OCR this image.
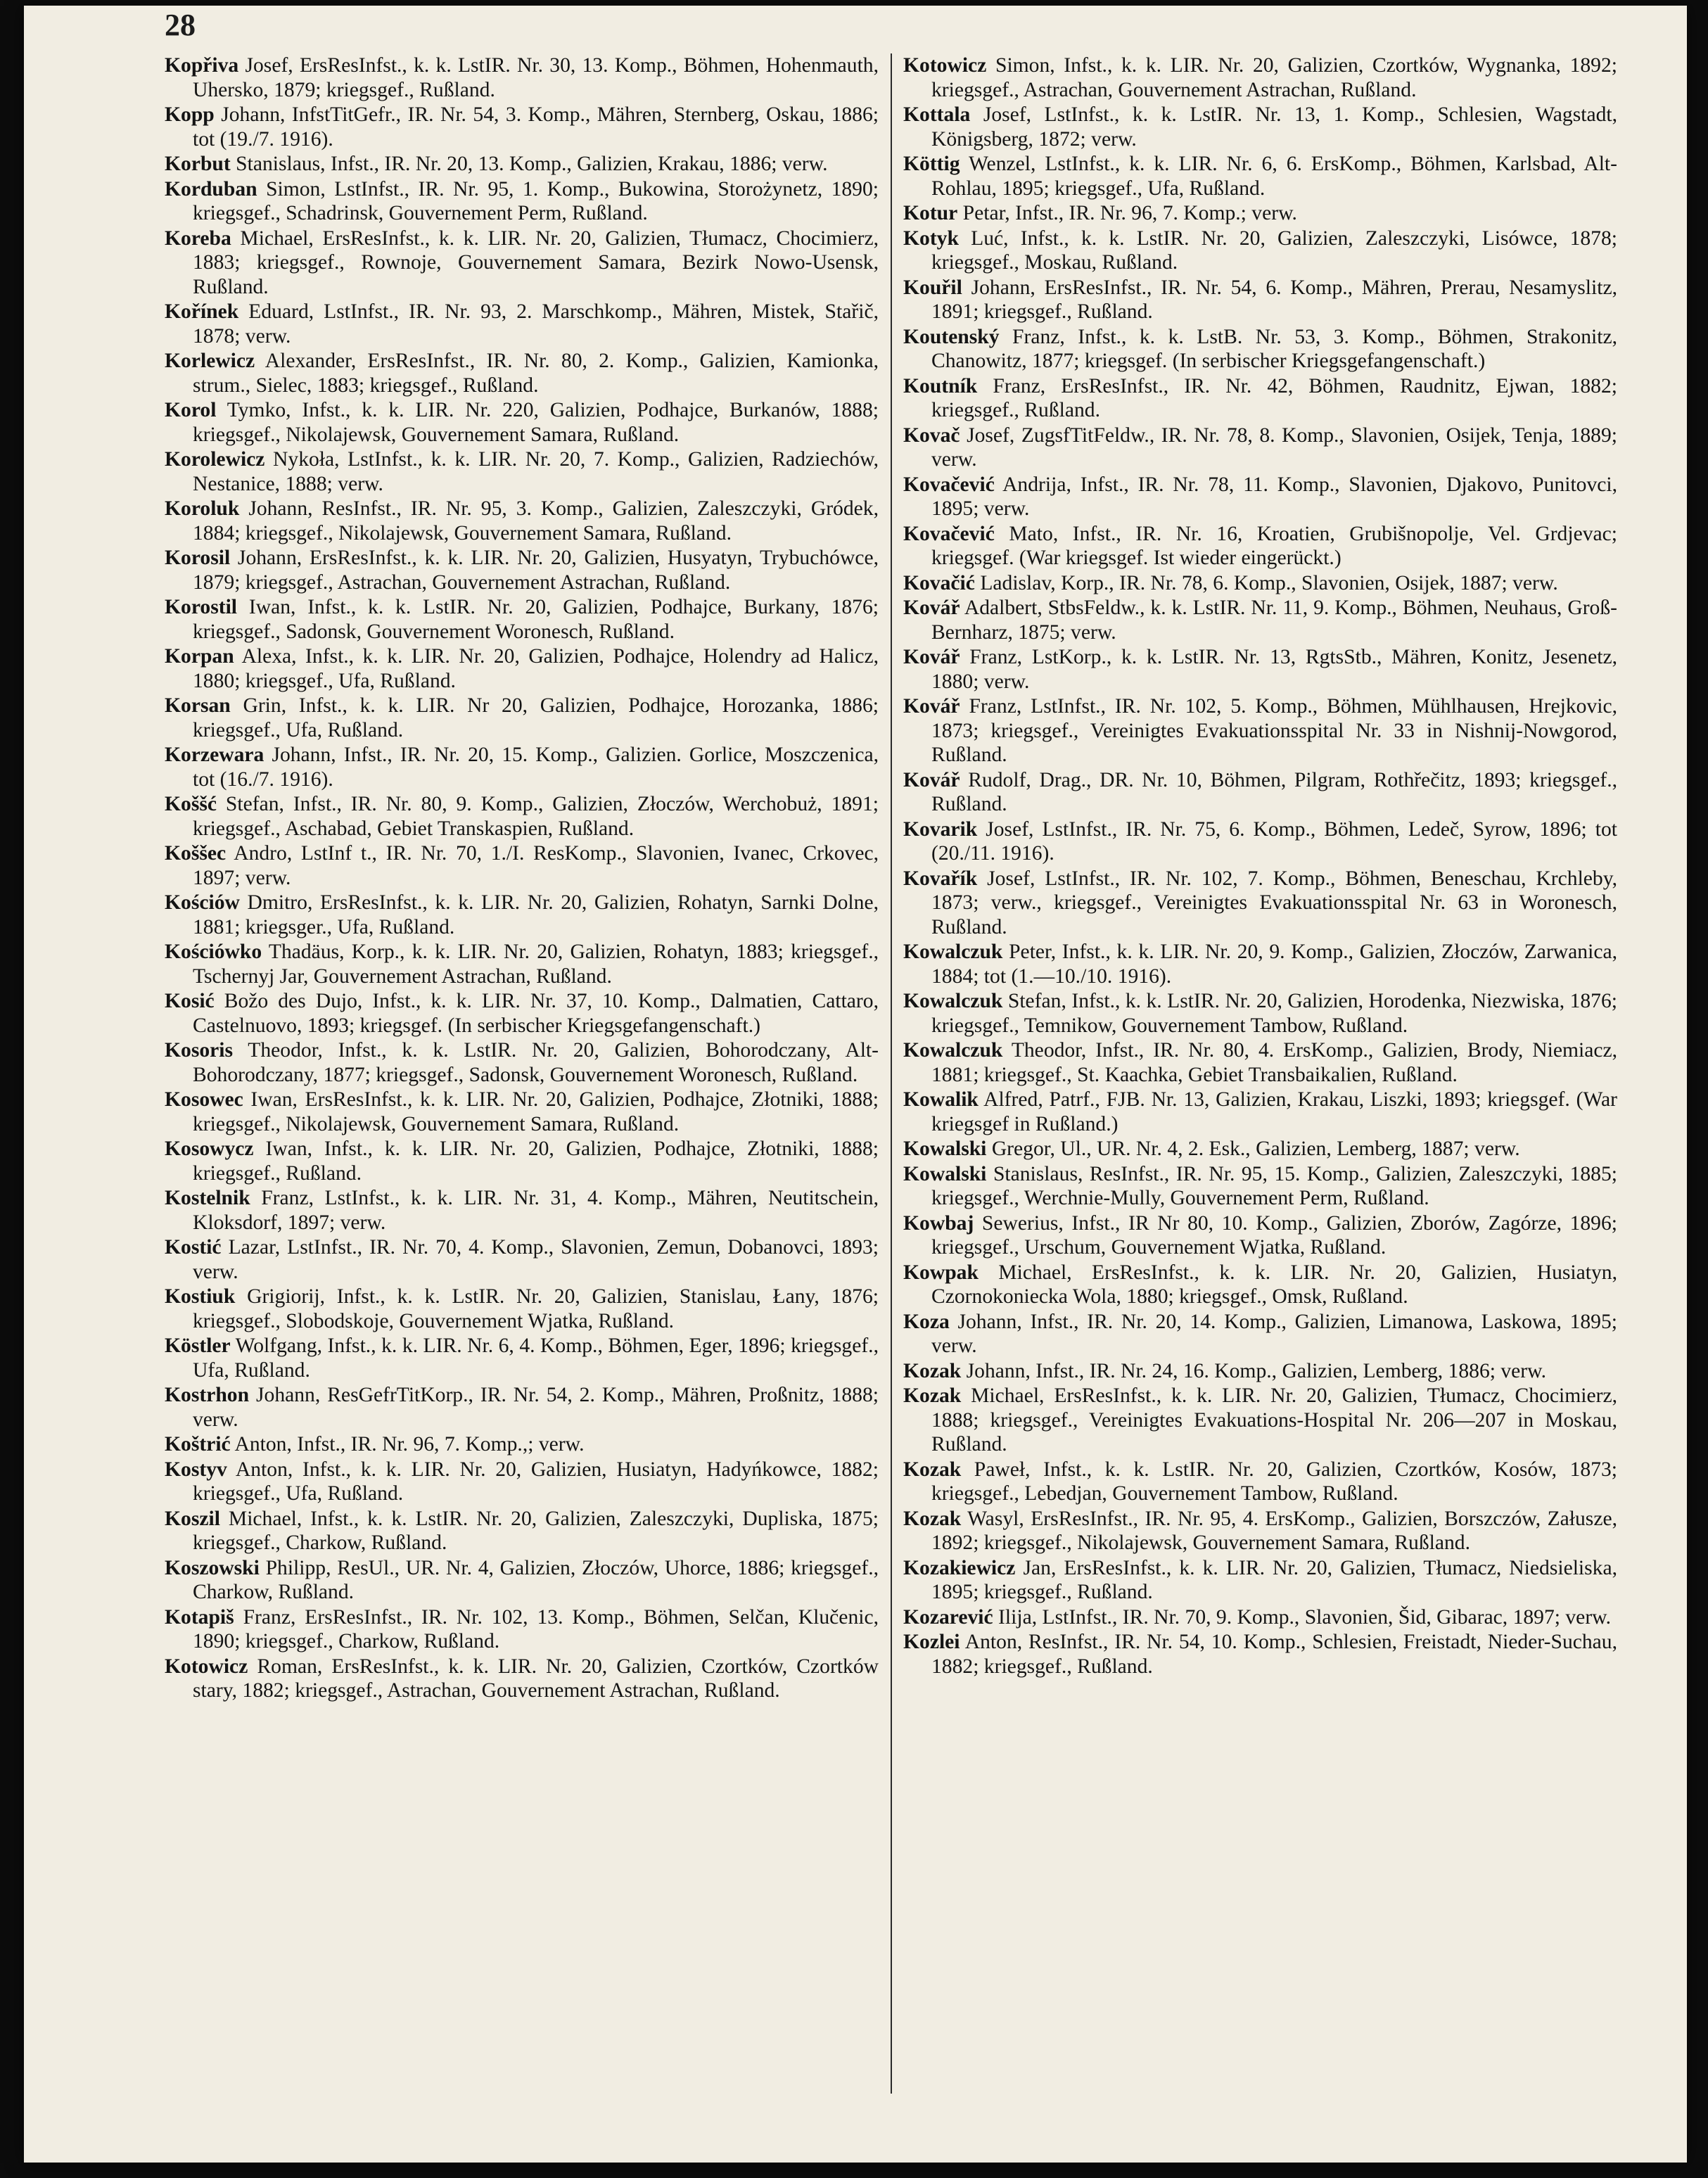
28

Kopřiva Josef, ErsResInfst., k. k. LstIR. Nr. 30, 13. Komp., Böhmen, Hohenmauth, Uhersko, 1879; kriegsgef., Rußland.

Kopp Johann, InfstTitGefr., IR. Nr. 54, 3. Komp., Mähren, Sternberg, Oskau, 1886; tot (19./7. 1916).

Korbut Stanislaus, Infst., IR. Nr. 20, 13. Komp., Galizien, Krakau, 1886; verw.

Korduban Simon, LstInfst., IR. Nr. 95, 1. Komp., Bukowina, Storożynetz, 1890; kriegsgef., Schadrinsk, Gouvernement Perm, Rußland.

Koreba Michael, ErsResInfst., k. k. LIR. Nr. 20, Galizien, Tłumacz, Chocimierz, 1883; kriegsgef., Rownoje, Gouvernement Samara, Bezirk Nowo-Usensk, Rußland.

Kořínek Eduard, LstInfst., IR. Nr. 93, 2. Marschkomp., Mähren, Mistek, Stařič, 1878; verw.

Korlewicz Alexander, ErsResInfst., IR. Nr. 80, 2. Komp., Galizien, Kamionka, strum., Sielec, 1883; kriegsgef., Rußland.

Korol Tymko, Infst., k. k. LIR. Nr. 220, Galizien, Podhajce, Burkanów, 1888; kriegsgef., Nikolajewsk, Gouvernement Samara, Rußland.

Korolewicz Nykoła, LstInfst., k. k. LIR. Nr. 20, 7. Komp., Galizien, Radziechów, Nestanice, 1888; verw.

Koroluk Johann, ResInfst., IR. Nr. 95, 3. Komp., Galizien, Zaleszczyki, Gródek, 1884; kriegsgef., Nikolajewsk, Gouvernement Samara, Rußland.

Korosil Johann, ErsResInfst., k. k. LIR. Nr. 20, Galizien, Husyatyn, Trybuchówce, 1879; kriegsgef., Astrachan, Gouvernement Astrachan, Rußland.

Korostil Iwan, Infst., k. k. LstIR. Nr. 20, Galizien, Podhajce, Burkany, 1876; kriegsgef., Sadonsk, Gouvernement Woronesch, Rußland.

Korpan Alexa, Infst., k. k. LIR. Nr. 20, Galizien, Podhajce, Holendry ad Halicz, 1880; kriegsgef., Ufa, Rußland.

Korsan Grin, Infst., k. k. LIR. Nr 20, Galizien, Podhajce, Horozanka, 1886; kriegsgef., Ufa, Rußland.

Korzewara Johann, Infst., IR. Nr. 20, 15. Komp., Galizien. Gorlice, Moszczenica, tot (16./7. 1916).

Koššć Stefan, Infst., IR. Nr. 80, 9. Komp., Galizien, Złoczów, Werchobuż, 1891; kriegsgef., Aschabad, Gebiet Transkaspien, Rußland.

Koššec Andro, LstInf t., IR. Nr. 70, 1./I. ResKomp., Slavonien, Ivanec, Crkovec, 1897; verw.

Kościów Dmitro, ErsResInfst., k. k. LIR. Nr. 20, Galizien, Rohatyn, Sarnki Dolne, 1881; kriegsger., Ufa, Rußland.

Kościówko Thadäus, Korp., k. k. LIR. Nr. 20, Galizien, Rohatyn, 1883; kriegsgef., Tschernyj Jar, Gouvernement Astrachan, Rußland.

Kosić Božo des Dujo, Infst., k. k. LIR. Nr. 37, 10. Komp., Dalmatien, Cattaro, Castelnuovo, 1893; kriegsgef. (In serbischer Kriegsgefangenschaft.)

Kosoris Theodor, Infst., k. k. LstIR. Nr. 20, Galizien, Bohorodczany, Alt-Bohorodczany, 1877; kriegsgef., Sadonsk, Gouvernement Woronesch, Rußland.

Kosowec Iwan, ErsResInfst., k. k. LIR. Nr. 20, Galizien, Podhajce, Złotniki, 1888; kriegsgef., Nikolajewsk, Gouvernement Samara, Rußland.

Kosowycz Iwan, Infst., k. k. LIR. Nr. 20, Galizien, Podhajce, Złotniki, 1888; kriegsgef., Rußland.

Kostelnik Franz, LstInfst., k. k. LIR. Nr. 31, 4. Komp., Mähren, Neutitschein, Kloksdorf, 1897; verw.

Kostić Lazar, LstInfst., IR. Nr. 70, 4. Komp., Slavonien, Zemun, Dobanovci, 1893; verw.

Kostiuk Grigiorij, Infst., k. k. LstIR. Nr. 20, Galizien, Stanislau, Łany, 1876; kriegsgef., Slobodskoje, Gouvernement Wjatka, Rußland.

Köstler Wolfgang, Infst., k. k. LIR. Nr. 6, 4. Komp., Böhmen, Eger, 1896; kriegsgef., Ufa, Rußland.

Kostrhon Johann, ResGefrTitKorp., IR. Nr. 54, 2. Komp., Mähren, Proßnitz, 1888; verw.

Koštrić Anton, Infst., IR. Nr. 96, 7. Komp.,; verw.

Kostyv Anton, Infst., k. k. LIR. Nr. 20, Galizien, Husiatyn, Hadyńkowce, 1882; kriegsgef., Ufa, Rußland.

Koszil Michael, Infst., k. k. LstIR. Nr. 20, Galizien, Zaleszczyki, Dupliska, 1875; kriegsgef., Charkow, Rußland.

Koszowski Philipp, ResUl., UR. Nr. 4, Galizien, Złoczów, Uhorce, 1886; kriegsgef., Charkow, Rußland.

Kotapiš Franz, ErsResInfst., IR. Nr. 102, 13. Komp., Böhmen, Selčan, Klučenic, 1890; kriegsgef., Charkow, Rußland.

Kotowicz Roman, ErsResInfst., k. k. LIR. Nr. 20, Galizien, Czortków, Czortków stary, 1882; kriegsgef., Astrachan, Gouvernement Astrachan, Rußland.

Kotowicz Simon, Infst., k. k. LIR. Nr. 20, Galizien, Czortków, Wygnanka, 1892; kriegsgef., Astrachan, Gouvernement Astrachan, Rußland.

Kottala Josef, LstInfst., k. k. LstIR. Nr. 13, 1. Komp., Schlesien, Wagstadt, Königsberg, 1872; verw.

Köttig Wenzel, LstInfst., k. k. LIR. Nr. 6, 6. ErsKomp., Böhmen, Karlsbad, Alt-Rohlau, 1895; kriegsgef., Ufa, Rußland.

Kotur Petar, Infst., IR. Nr. 96, 7. Komp.; verw.

Kotyk Luć, Infst., k. k. LstIR. Nr. 20, Galizien, Zaleszczyki, Lisówce, 1878; kriegsgef., Moskau, Rußland.

Kouřil Johann, ErsResInfst., IR. Nr. 54, 6. Komp., Mähren, Prerau, Nesamyslitz, 1891; kriegsgef., Rußland.

Koutenský Franz, Infst., k. k. LstB. Nr. 53, 3. Komp., Böhmen, Strakonitz, Chanowitz, 1877; kriegsgef. (In serbischer Kriegsgefangenschaft.)

Koutník Franz, ErsResInfst., IR. Nr. 42, Böhmen, Raudnitz, Ejwan, 1882; kriegsgef., Rußland.

Kovač Josef, ZugsfTitFeldw., IR. Nr. 78, 8. Komp., Slavonien, Osijek, Tenja, 1889; verw.

Kovačević Andrija, Infst., IR. Nr. 78, 11. Komp., Slavonien, Djakovo, Punitovci, 1895; verw.

Kovačević Mato, Infst., IR. Nr. 16, Kroatien, Grubišnopolje, Vel. Grdjevac; kriegsgef. (War kriegsgef. Ist wieder eingerückt.)

Kovačić Ladislav, Korp., IR. Nr. 78, 6. Komp., Slavonien, Osijek, 1887; verw.

Kovář Adalbert, StbsFeldw., k. k. LstIR. Nr. 11, 9. Komp., Böhmen, Neuhaus, Groß-Bernharz, 1875; verw.

Kovář Franz, LstKorp., k. k. LstIR. Nr. 13, RgtsStb., Mähren, Konitz, Jesenetz, 1880; verw.

Kovář Franz, LstInfst., IR. Nr. 102, 5. Komp., Böhmen, Mühlhausen, Hrejkovic, 1873; kriegsgef., Vereinigtes Evakuationsspital Nr. 33 in Nishnij-Nowgorod, Rußland.

Kovář Rudolf, Drag., DR. Nr. 10, Böhmen, Pilgram, Rothřečitz, 1893; kriegsgef., Rußland.

Kovarik Josef, LstInfst., IR. Nr. 75, 6. Komp., Böhmen, Ledeč, Syrow, 1896; tot (20./11. 1916).

Kovařík Josef, LstInfst., IR. Nr. 102, 7. Komp., Böhmen, Beneschau, Krchleby, 1873; verw., kriegsgef., Vereinigtes Evakuationsspital Nr. 63 in Woronesch, Rußland.

Kowalczuk Peter, Infst., k. k. LIR. Nr. 20, 9. Komp., Galizien, Złoczów, Zarwanica, 1884; tot (1.—10./10. 1916).

Kowalczuk Stefan, Infst., k. k. LstIR. Nr. 20, Galizien, Horodenka, Niezwiska, 1876; kriegsgef., Temnikow, Gouvernement Tambow, Rußland.

Kowalczuk Theodor, Infst., IR. Nr. 80, 4. ErsKomp., Galizien, Brody, Niemiacz, 1881; kriegsgef., St. Kaachka, Gebiet Transbaikalien, Rußland.

Kowalik Alfred, Patrf., FJB. Nr. 13, Galizien, Krakau, Liszki, 1893; kriegsgef. (War kriegsgef in Rußland.)

Kowalski Gregor, Ul., UR. Nr. 4, 2. Esk., Galizien, Lemberg, 1887; verw.

Kowalski Stanislaus, ResInfst., IR. Nr. 95, 15. Komp., Galizien, Zaleszczyki, 1885; kriegsgef., Werchnie-Mully, Gouvernement Perm, Rußland.

Kowbaj Sewerius, Infst., IR Nr 80, 10. Komp., Galizien, Zborów, Zagórze, 1896; kriegsgef., Urschum, Gouvernement Wjatka, Rußland.

Kowpak Michael, ErsResInfst., k. k. LIR. Nr. 20, Galizien, Husiatyn, Czornokoniecka Wola, 1880; kriegsgef., Omsk, Rußland.

Koza Johann, Infst., IR. Nr. 20, 14. Komp., Galizien, Limanowa, Laskowa, 1895; verw.

Kozak Johann, Infst., IR. Nr. 24, 16. Komp., Galizien, Lemberg, 1886; verw.

Kozak Michael, ErsResInfst., k. k. LIR. Nr. 20, Galizien, Tłumacz, Chocimierz, 1888; kriegsgef., Vereinigtes Evakuations-Hospital Nr. 206—207 in Moskau, Rußland.

Kozak Paweł, Infst., k. k. LstIR. Nr. 20, Galizien, Czortków, Kosów, 1873; kriegsgef., Lebedjan, Gouvernement Tambow, Rußland.

Kozak Wasyl, ErsResInfst., IR. Nr. 95, 4. ErsKomp., Galizien, Borszczów, Załusze, 1892; kriegsgef., Nikolajewsk, Gouvernement Samara, Rußland.

Kozakiewicz Jan, ErsResInfst., k. k. LIR. Nr. 20, Galizien, Tłumacz, Niedsieliska, 1895; kriegsgef., Rußland.

Kozarević Ilija, LstInfst., IR. Nr. 70, 9. Komp., Slavonien, Šid, Gibarac, 1897; verw.

Kozlei Anton, ResInfst., IR. Nr. 54, 10. Komp., Schlesien, Freistadt, Nieder-Suchau, 1882; kriegsgef., Rußland.
